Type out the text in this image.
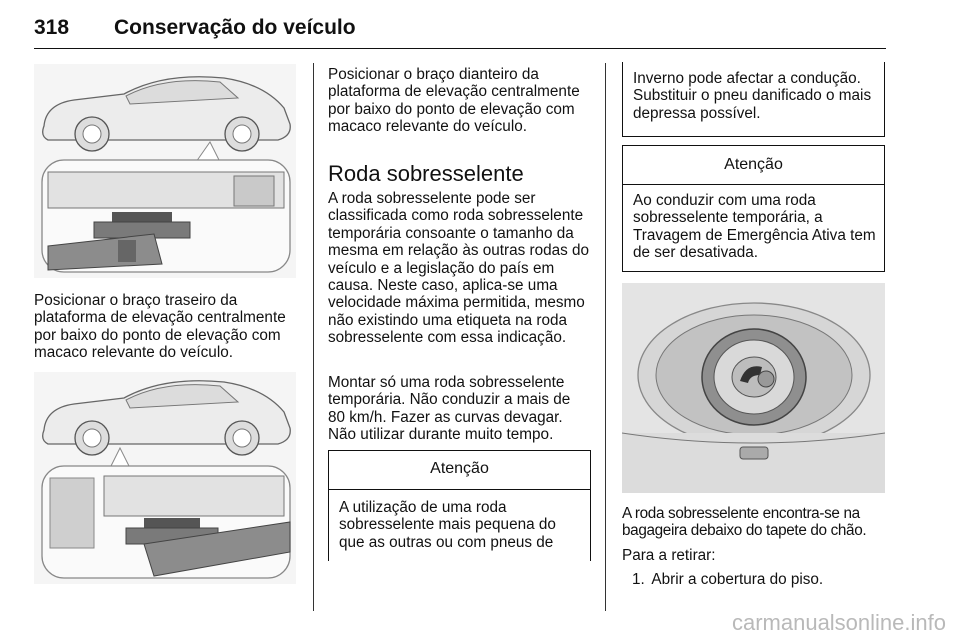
318 Conservação do veículo

Posicionar o braço traseiro da plataforma de elevação centralmente por baixo do ponto de elevação com macaco relevante do veículo.

Posicionar o braço dianteiro da plataforma de elevação centralmente por baixo do ponto de elevação com macaco relevante do veículo.

Roda sobresselente

A roda sobresselente pode ser classificada como roda sobresselente temporária consoante o tamanho da mesma em relação às outras rodas do veículo e a legislação do país em causa. Neste caso, aplica-se uma velocidade máxima permitida, mesmo não existindo uma etiqueta na roda sobresselente com essa indicação.

Montar só uma roda sobresselente temporária. Não conduzir a mais de 80 km/h. Fazer as curvas devagar. Não utilizar durante muito tempo.

Atenção

A utilização de uma roda sobresselente mais pequena do que as outras ou com pneus de

Inverno pode afectar a condução. Substituir o pneu danificado o mais depressa possível.

Atenção

Ao conduzir com uma roda sobresselente temporária, a Travagem de Emergência Ativa tem de ser desativada.

A roda sobresselente encontra-se na bagageira debaixo do tapete do chão.

Para a retirar:

1. Abrir a cobertura do piso.

carmanualsonline.info
